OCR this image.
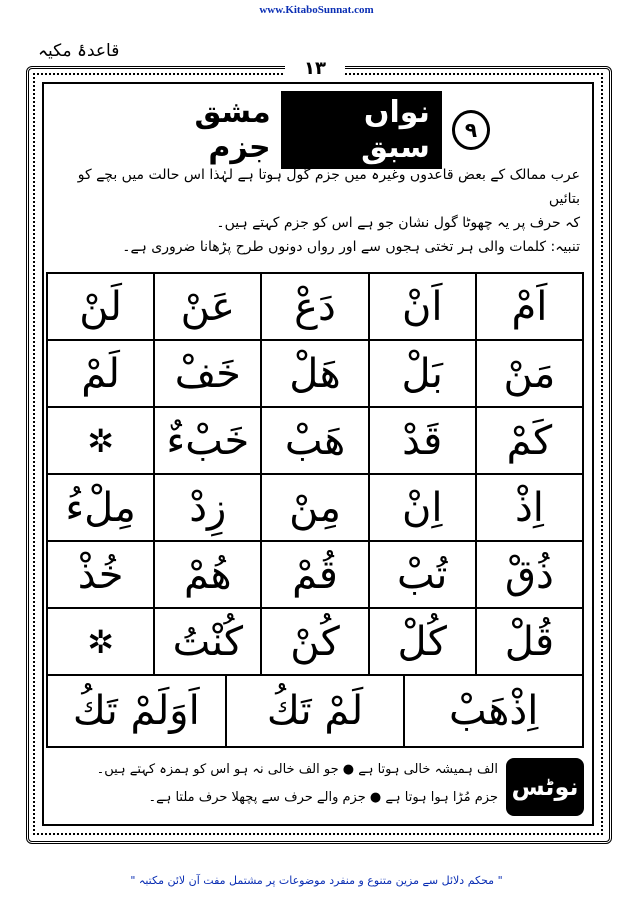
www.KitaboSunnat.com
قاعدۂ مکیہ
۱۳
۹
نواں سبق
مشق جزم
عرب ممالک کے بعض قاعدوں وغیرہ میں جزم گول ہوتا ہے لہٰذا اس حالت میں بچے کو بتائیں
کہ حرف پر یہ چھوٹا گول نشان جو ہے اس کو جزم کہتے ہیں۔
تنبیہ: کلمات والی ہر تختی ہجوں سے اور رواں دونوں طرح پڑھانا ضروری ہے۔
اَمْ
اَنْ
دَعْ
عَنْ
لَنْ
مَنْ
بَلْ
هَلْ
خَفْ
لَمْ
كَمْ
قَدْ
هَبْ
خَبْءٌ
✲
اِذْ
اِنْ
مِنْ
زِدْ
مِلْءُ
ذُقْ
تُبْ
قُمْ
هُمْ
خُذْ
قُلْ
كُلْ
كُنْ
كُنْتُ
✲
اِذْهَبْ
لَمْ تَكُ
اَوَلَمْ تَكُ
نوٹس
الف ہمیشہ خالی ہوتا ہے ● جو الف خالی نہ ہو اس کو ہمزہ کہتے ہیں۔
جزم مُڑا ہوا ہوتا ہے ● جزم والے حرف سے پچھلا حرف ملتا ہے۔
" محکم دلائل سے مزین متنوع و منفرد موضوعات پر مشتمل مفت آن لائن مکتبہ "
